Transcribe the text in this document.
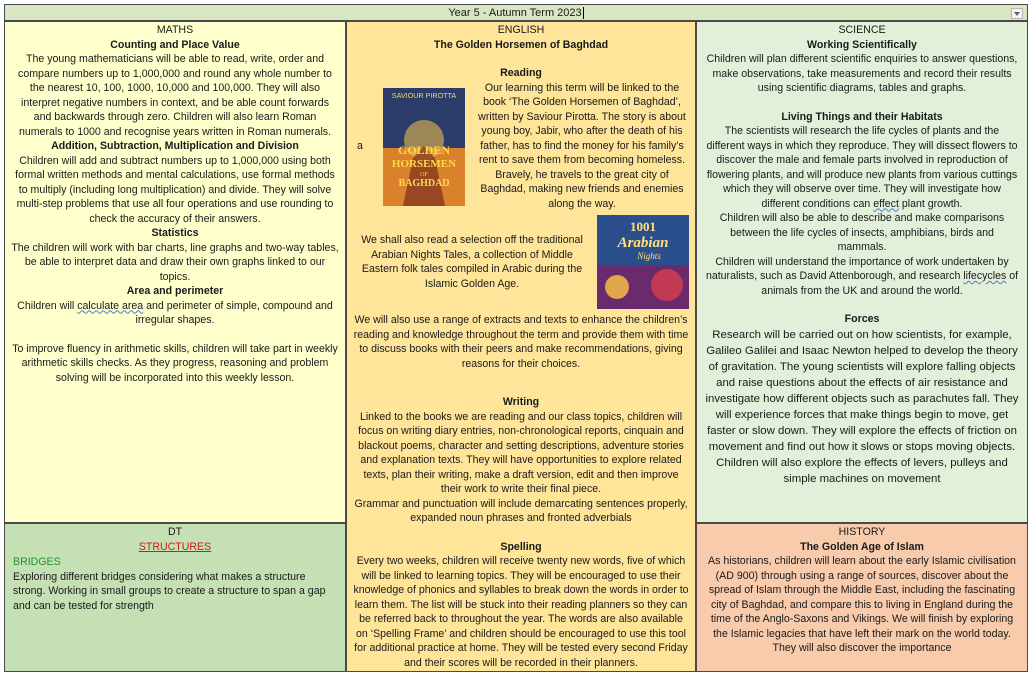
Year 5 - Autumn Term 2023
MATHS
Counting and Place Value

The young mathematicians will be able to read, write, order and compare numbers up to 1,000,000 and round any whole number to the nearest 10, 100, 1000, 10,000 and 100,000. They will also interpret negative numbers in context, and be able count forwards and backwards through zero. Children will also learn Roman numerals to 1000 and recognise years written in Roman numerals.

Addition, Subtraction, Multiplication and Division

Children will add and subtract numbers up to 1,000,000 using both formal written methods and mental calculations, use formal methods to multiply (including long multiplication) and divide. They will solve multi-step problems that use all four operations and use rounding to check the accuracy of their answers.

Statistics

The children will work with bar charts, line graphs and two-way tables, be able to interpret data and draw their own graphs linked to our topics.

Area and perimeter

Children will calculate area and perimeter of simple, compound and irregular shapes.

To improve fluency in arithmetic skills, children will take part in weekly arithmetic skills checks. As they progress, reasoning and problem solving will be incorporated into this weekly lesson.

ENGLISH
The Golden Horsemen of Baghdad
Reading
a
SAVIOUR PIROTTA
GOLDEN
HORSEMEN
OF
BAGHDAD

Our learning this term will be linked to the book ‘The Golden Horsemen of Baghdad’, written by Saviour Pirotta. The story is about young boy, Jabir, who after the death of his father, has to find the money for his family’s rent to save them from becoming homeless. Bravely, he travels to the great city of Baghdad, making new friends and enemies along the way.

We shall also read a selection off the traditional Arabian Nights Tales, a collection of Middle Eastern folk tales compiled in Arabic during the Islamic Golden Age.

1001
Arabian
Nights

We will also use a range of extracts and texts to enhance the children’s reading and knowledge throughout the term and provide them with time to discuss books with their peers and make recommendations, giving reasons for their choices.

Writing

Linked to the books we are reading and our class topics, children will focus on writing diary entries, non-chronological reports, cinquain and blackout poems, character and setting descriptions, adventure stories and explanation texts. They will have opportunities to explore related texts, plan their writing, make a draft version, edit and then improve their work to write their final piece.

Grammar and punctuation will include demarcating sentences properly, expanded noun phrases and fronted adverbials

Spelling

Every two weeks, children will receive twenty new words, five of which will be linked to learning topics. They will be encouraged to use their knowledge of phonics and syllables to break down the words in order to learn them. The list will be stuck into their reading planners so they can be referred back to throughout the year. The words are also available on ‘Spelling Frame’ and children should be encouraged to use this tool for additional practice at home. They will be tested every second Friday and their scores will be recorded in their planners.

SCIENCE
Working Scientifically

Children will plan different scientific enquiries to answer questions, make observations, take measurements and record their results using scientific diagrams, tables and graphs.

Living Things and their Habitats

The scientists will research the life cycles of plants and the different ways in which they reproduce. They will dissect flowers to discover the male and female parts involved in reproduction of flowering plants, and will produce new plants from various cuttings which they will observe over time. They will investigate how different conditions can effect plant growth.

Children will also be able to describe and make comparisons between the life cycles of insects, amphibians, birds and mammals.

Children will understand the importance of work undertaken by naturalists, such as David Attenborough, and research lifecycles of animals from the UK and around the world.

Forces

Research will be carried out on how scientists, for example, Galileo Galilei and Isaac Newton helped to develop the theory of gravitation. The young scientists will explore falling objects and raise questions about the effects of air resistance and investigate how different objects such as parachutes fall. They will experience forces that make things begin to move, get faster or slow down. They will explore the effects of friction on movement and find out how it slows or stops moving objects. Children will also explore the effects of levers, pulleys and simple machines on movement

DT
STRUCTURES
BRIDGES

Exploring different bridges considering what makes a structure strong. Working in small groups to create a structure to span a gap and can be tested for strength

HISTORY
The Golden Age of Islam

As historians, children will learn about the early Islamic civilisation (AD 900) through using a range of sources, discover about the spread of Islam through the Middle East, including the fascinating city of Baghdad, and compare this to living in England during the time of the Anglo-Saxons and Vikings. We will finish by exploring the Islamic legacies that have left their mark on the world today. They will also discover the importance
